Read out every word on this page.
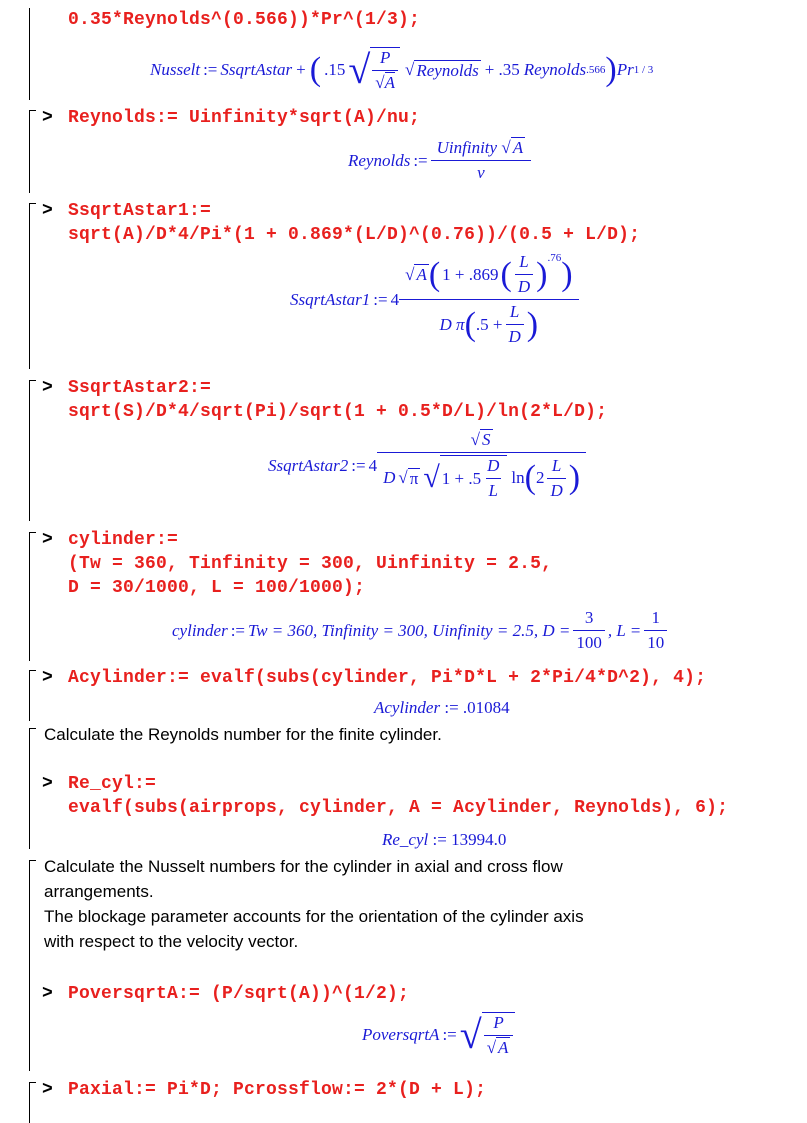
0.35*Reynolds^(0.566))*Pr^(1/3);
Nusselt := SsqrtAstar + ( .15 √ $\frac{P}{√A}$ √ Reynolds + .35 Reynolds .566 ) Pr 1 / 3
> Reynolds:= Uinfinity*sqrt(A)/nu;
Reynolds := $\frac{\text{Uinfinity √ A}}{\nu}$
> SsqrtAstar1:=
sqrt(A)/D*4/Pi*(1 + 0.869*(L/D)^(0.76))/(0.5 + L/D);
SsqrtAstar1 := 4
√ A ( 1 + .869 ( $\frac{L}{D} )^{.76}$ )
D π ( $.5 + \frac{L}{D}$ )
> SsqrtAstar2:=
sqrt(S)/D*4/sqrt(Pi)/sqrt(1 + 0.5*D/L)/ln(2*L/D);
SsqrtAstar2 := 4
√ S
D √ π √ $1 + .5 \frac{D}{L}$ ln ( $2 \frac{L}{D}$ )
> cylinder:=
(Tw = 360, Tinfinity = 300, Uinfinity = 2.5,
D = 30/1000, L = 100/1000);
cylinder := Tw = 360, Tinfinity = 300, Uinfinity = 2.5, $D = \frac{3}{100}$ , $L = \frac{1}{10}$
> Acylinder:= evalf(subs(cylinder, Pi*D*L + 2*Pi/4*D^2), 4);
Acylinder := .01084
Calculate the Reynolds number for the finite cylinder.
> Re_cyl:=
evalf(subs(airprops, cylinder, A = Acylinder, Reynolds), 6);
Re_cyl := 13994.0
Calculate the Nusselt numbers for the cylinder in axial and cross flow
arrangements.
The blockage parameter accounts for the orientation of the cylinder axis
with respect to the velocity vector.
> PoversqrtA:= (P/sqrt(A))^(1/2);
PoversqrtA := √ $\frac{P}{√ A}$
> Paxial:= Pi*D; Pcrossflow:= 2*(D + L);
